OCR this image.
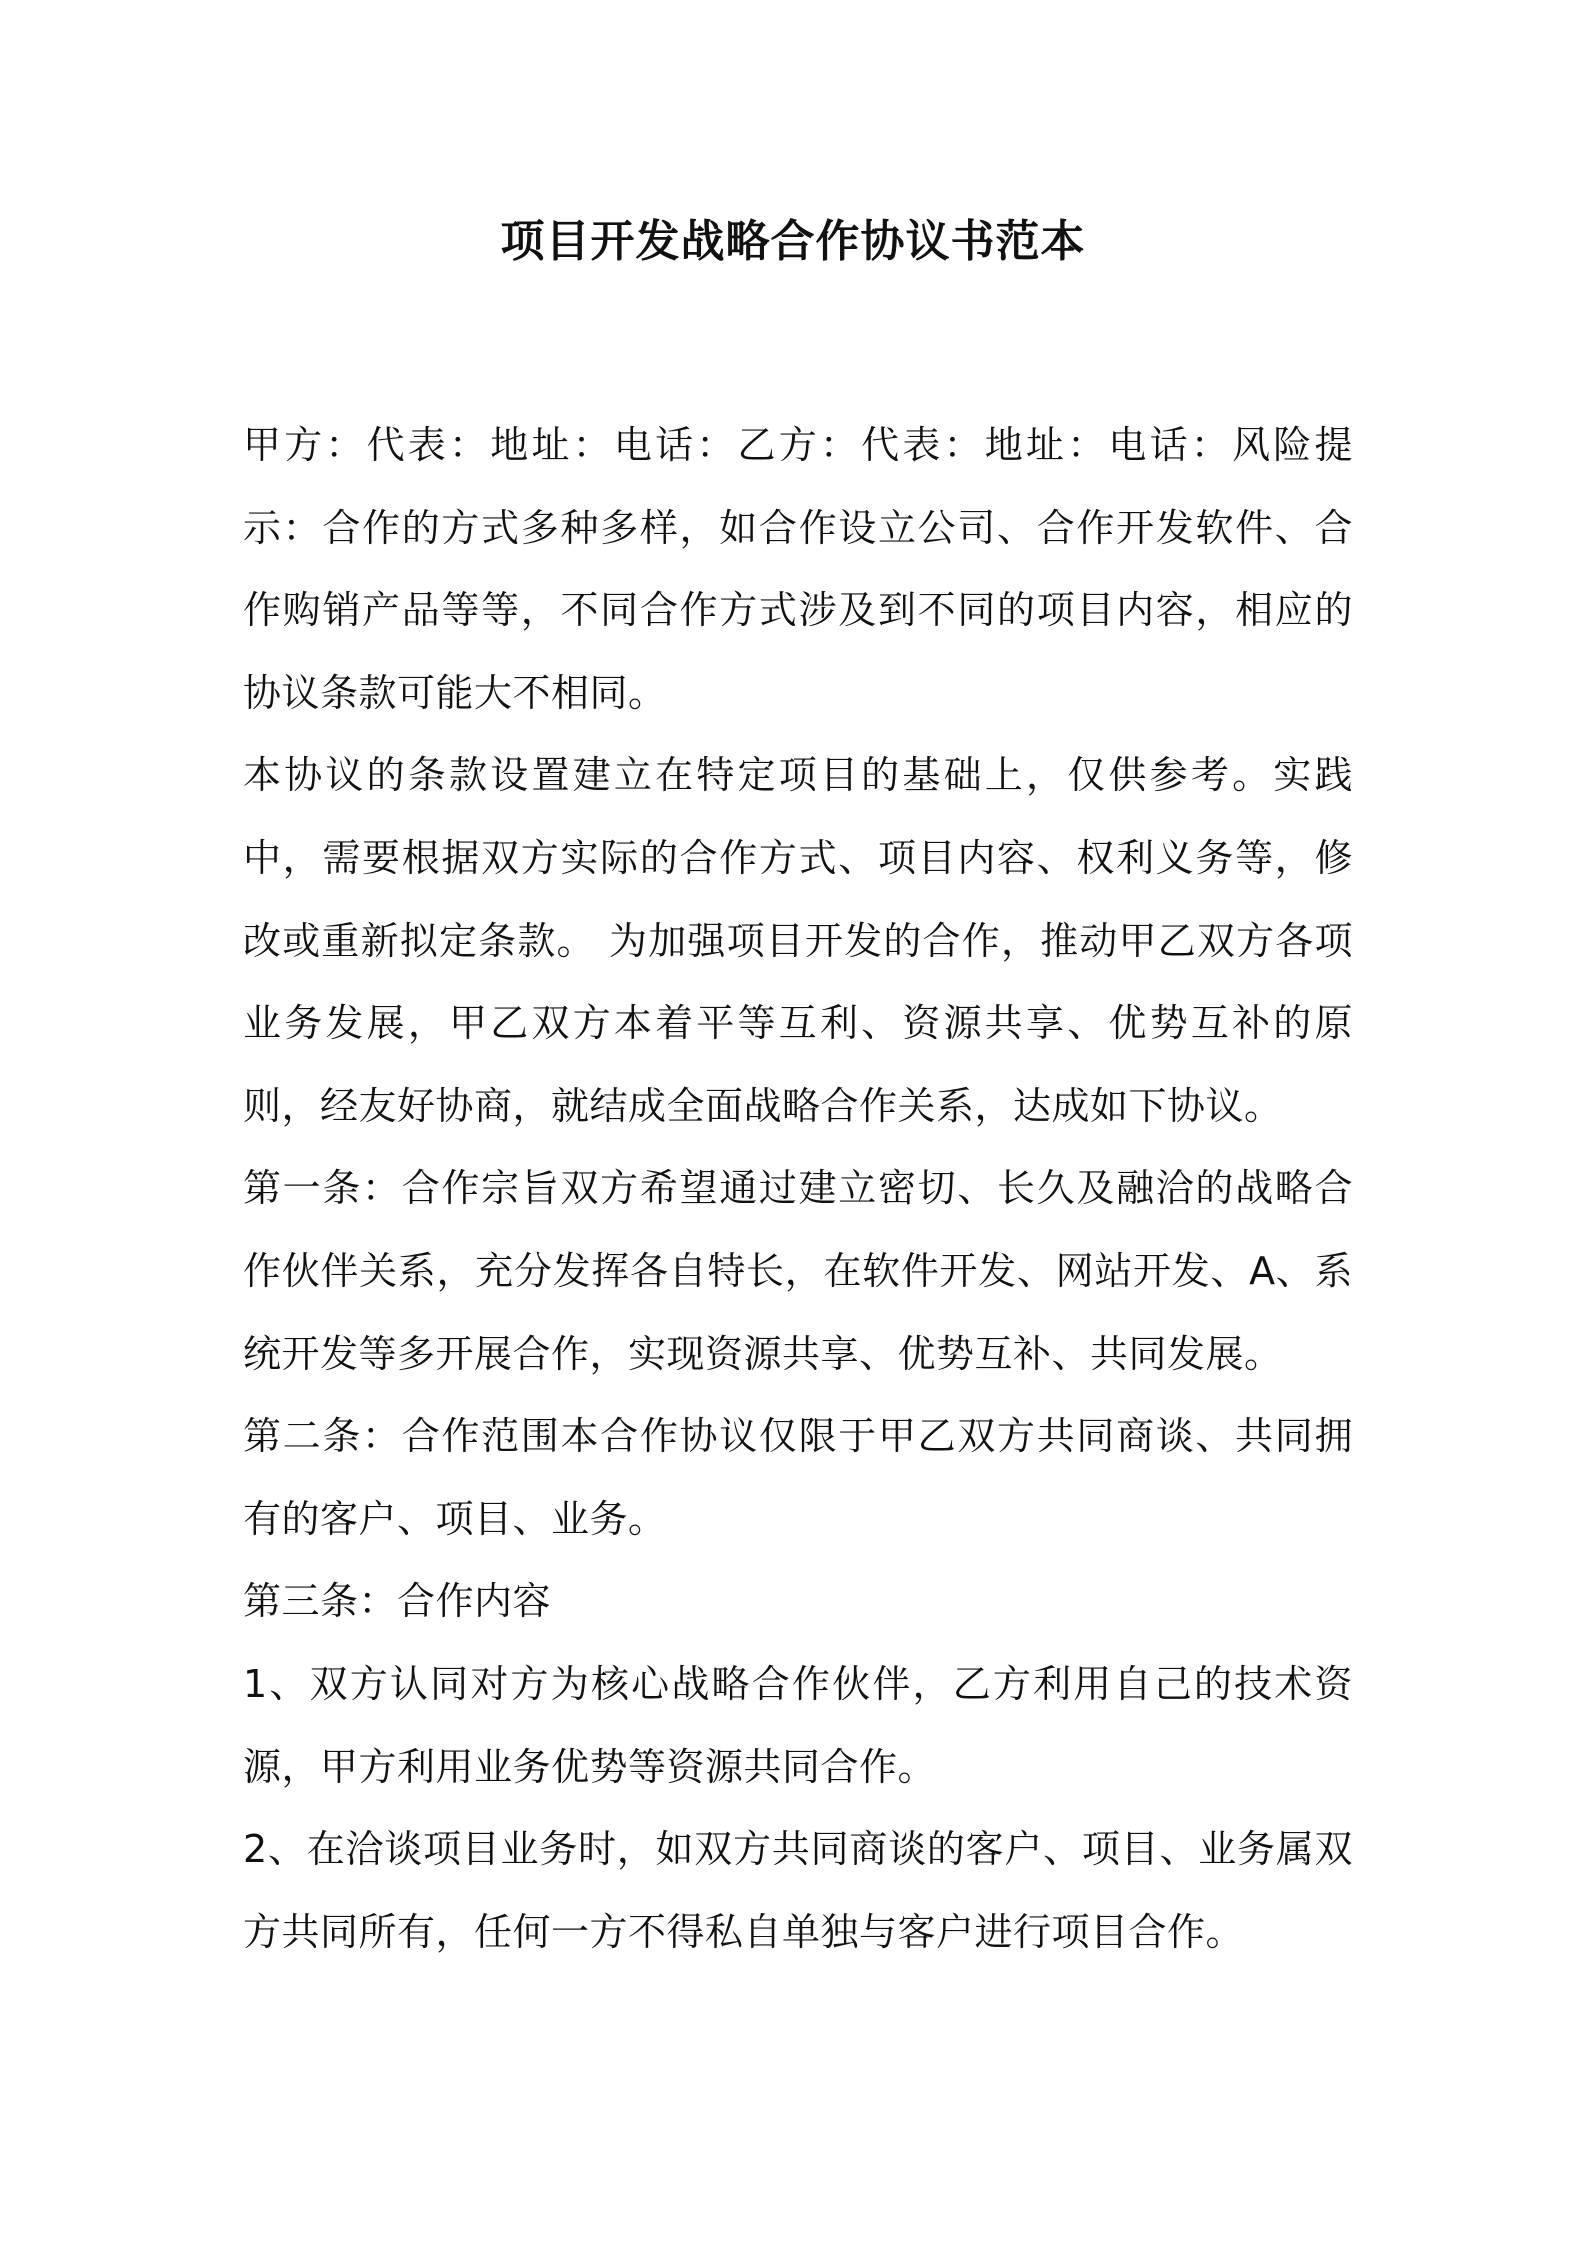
项目开发战略合作协议书范本

甲方：代表：地址：电话：乙方：代表：地址：电话：风险提示：合作的方式多种多样，如合作设立公司、合作开发软件、合作购销产品等等，不同合作方式涉及到不同的项目内容，相应的协议条款可能大不相同。

本协议的条款设置建立在特定项目的基础上，仅供参考。实践中，需要根据双方实际的合作方式、项目内容、权利义务等，修改或重新拟定条款。 为加强项目开发的合作，推动甲乙双方各项业务发展，甲乙双方本着平等互利、资源共享、优势互补的原则，经友好协商，就结成全面战略合作关系，达成如下协议。

第一条：合作宗旨双方希望通过建立密切、长久及融洽的战略合作伙伴关系，充分发挥各自特长，在软件开发、网站开发、A、系统开发等多开展合作，实现资源共享、优势互补、共同发展。

第二条：合作范围本合作协议仅限于甲乙双方共同商谈、共同拥有的客户、项目、业务。

第三条：合作内容

1、双方认同对方为核心战略合作伙伴，乙方利用自己的技术资源，甲方利用业务优势等资源共同合作。

2、在洽谈项目业务时，如双方共同商谈的客户、项目、业务属双方共同所有，任何一方不得私自单独与客户进行项目合作。
